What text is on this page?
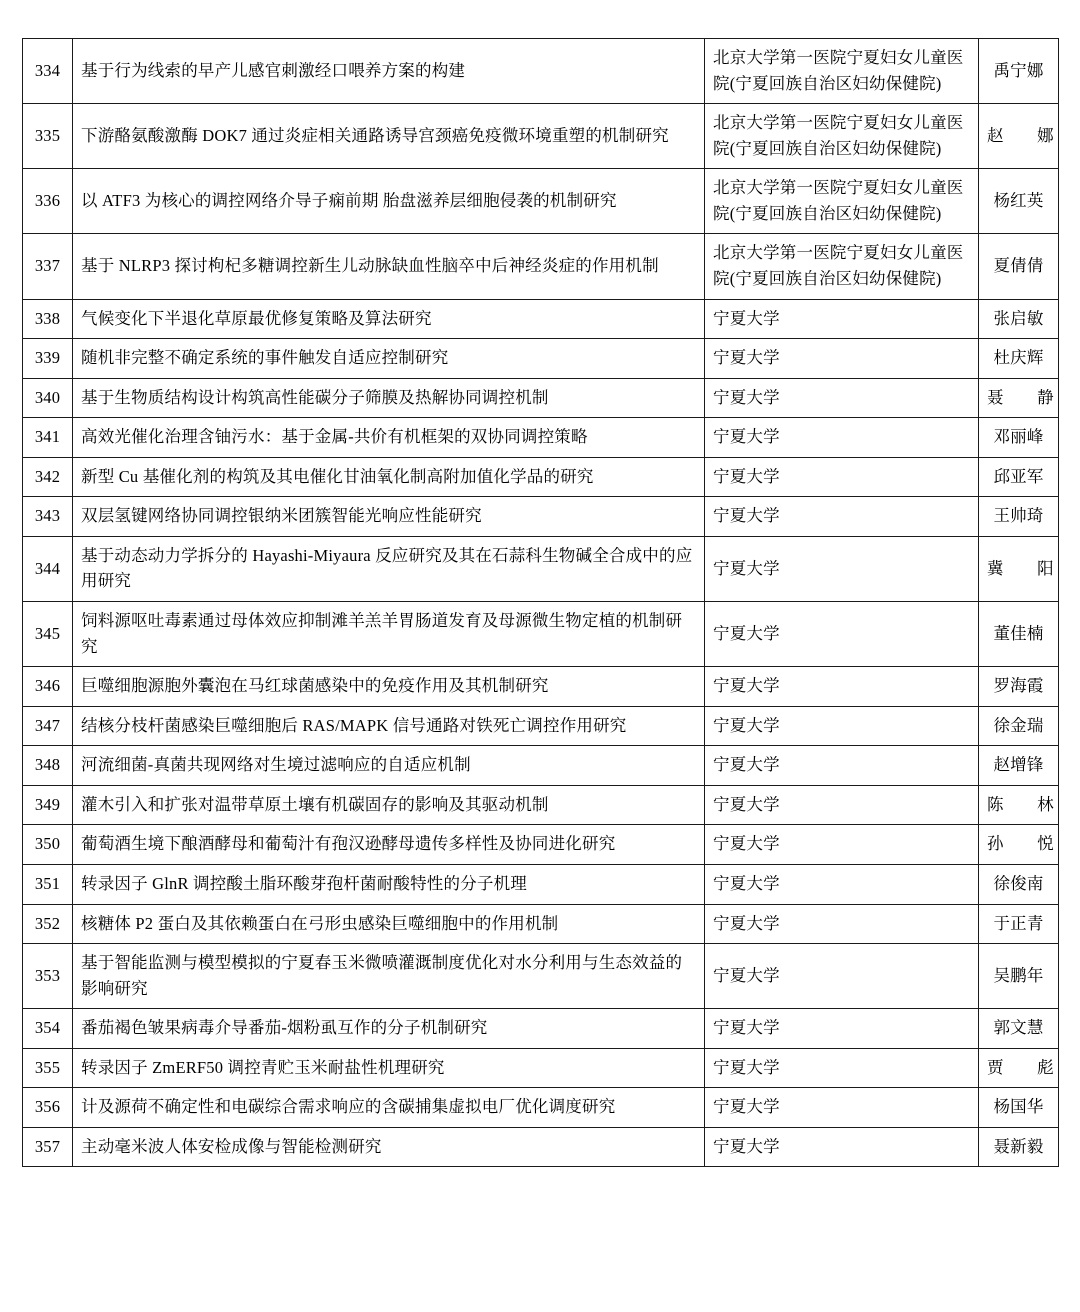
334	基于行为线索的早产儿感官刺激经口喂养方案的构建	北京大学第一医院宁夏妇女儿童医院(宁夏回族自治区妇幼保健院)	禹宁娜
335	下游酪氨酸激酶 DOK7 通过炎症相关通路诱导宫颈癌免疫微环境重塑的机制研究	北京大学第一医院宁夏妇女儿童医院(宁夏回族自治区妇幼保健院)	赵　　娜
336	以 ATF3 为核心的调控网络介导子痫前期 胎盘滋养层细胞侵袭的机制研究	北京大学第一医院宁夏妇女儿童医院(宁夏回族自治区妇幼保健院)	杨红英
337	基于 NLRP3 探讨枸杞多糖调控新生儿动脉缺血性脑卒中后神经炎症的作用机制	北京大学第一医院宁夏妇女儿童医院(宁夏回族自治区妇幼保健院)	夏倩倩
338	气候变化下半退化草原最优修复策略及算法研究	宁夏大学	张启敏
339	随机非完整不确定系统的事件触发自适应控制研究	宁夏大学	杜庆辉
340	基于生物质结构设计构筑高性能碳分子筛膜及热解协同调控机制	宁夏大学	聂　　静
341	高效光催化治理含铀污水：基于金属-共价有机框架的双协同调控策略	宁夏大学	邓丽峰
342	新型 Cu 基催化剂的构筑及其电催化甘油氧化制高附加值化学品的研究	宁夏大学	邱亚军
343	双层氢键网络协同调控银纳米团簇智能光响应性能研究	宁夏大学	王帅琦
344	基于动态动力学拆分的 Hayashi-Miyaura 反应研究及其在石蒜科生物碱全合成中的应用研究	宁夏大学	冀　　阳
345	饲料源呕吐毒素通过母体效应抑制滩羊羔羊胃肠道发育及母源微生物定植的机制研究	宁夏大学	董佳楠
346	巨噬细胞源胞外囊泡在马红球菌感染中的免疫作用及其机制研究	宁夏大学	罗海霞
347	结核分枝杆菌感染巨噬细胞后 RAS/MAPK 信号通路对铁死亡调控作用研究	宁夏大学	徐金瑞
348	河流细菌-真菌共现网络对生境过滤响应的自适应机制	宁夏大学	赵增锋
349	灌木引入和扩张对温带草原土壤有机碳固存的影响及其驱动机制	宁夏大学	陈　　林
350	葡萄酒生境下酿酒酵母和葡萄汁有孢汉逊酵母遗传多样性及协同进化研究	宁夏大学	孙　　悦
351	转录因子 GlnR 调控酸土脂环酸芽孢杆菌耐酸特性的分子机理	宁夏大学	徐俊南
352	核糖体 P2 蛋白及其依赖蛋白在弓形虫感染巨噬细胞中的作用机制	宁夏大学	于正青
353	基于智能监测与模型模拟的宁夏春玉米微喷灌溉制度优化对水分利用与生态效益的影响研究	宁夏大学	吴鹏年
354	番茄褐色皱果病毒介导番茄-烟粉虱互作的分子机制研究	宁夏大学	郭文慧
355	转录因子 ZmERF50 调控青贮玉米耐盐性机理研究	宁夏大学	贾　　彪
356	计及源荷不确定性和电碳综合需求响应的含碳捕集虚拟电厂优化调度研究	宁夏大学	杨国华
357	主动毫米波人体安检成像与智能检测研究	宁夏大学	聂新毅
